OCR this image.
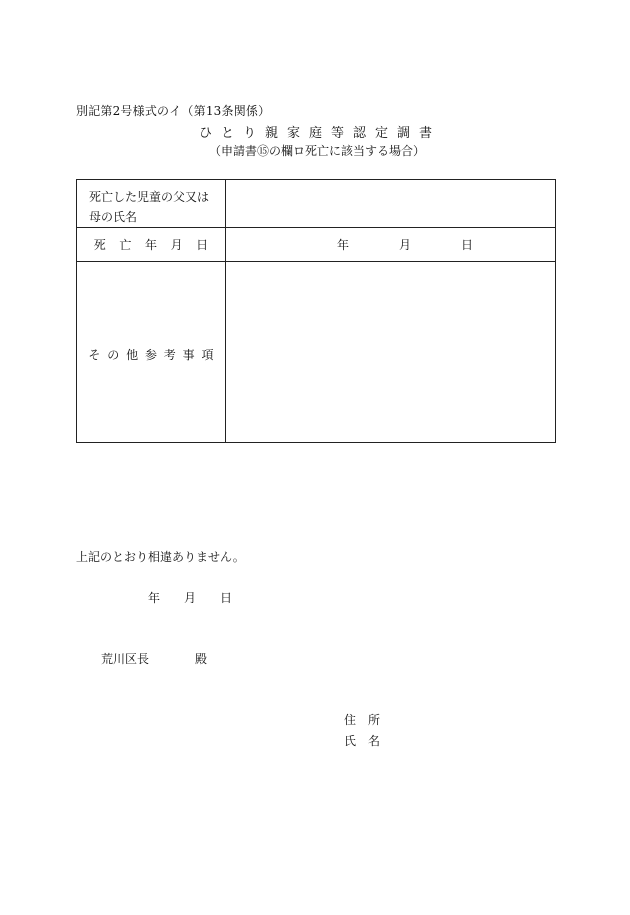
別記第2号様式のイ（第13条関係）
ひとり親家庭等認定調書
（申請書⑮の欄ロ死亡に該当する場合）
死亡した児童の父又は
母の氏名
死 亡 年 月 日	年	月	日
そ の 他 参 考 事 項
上記のとおり相違ありません。
年 月 日
荒川区長	殿
住 所
氏 名
